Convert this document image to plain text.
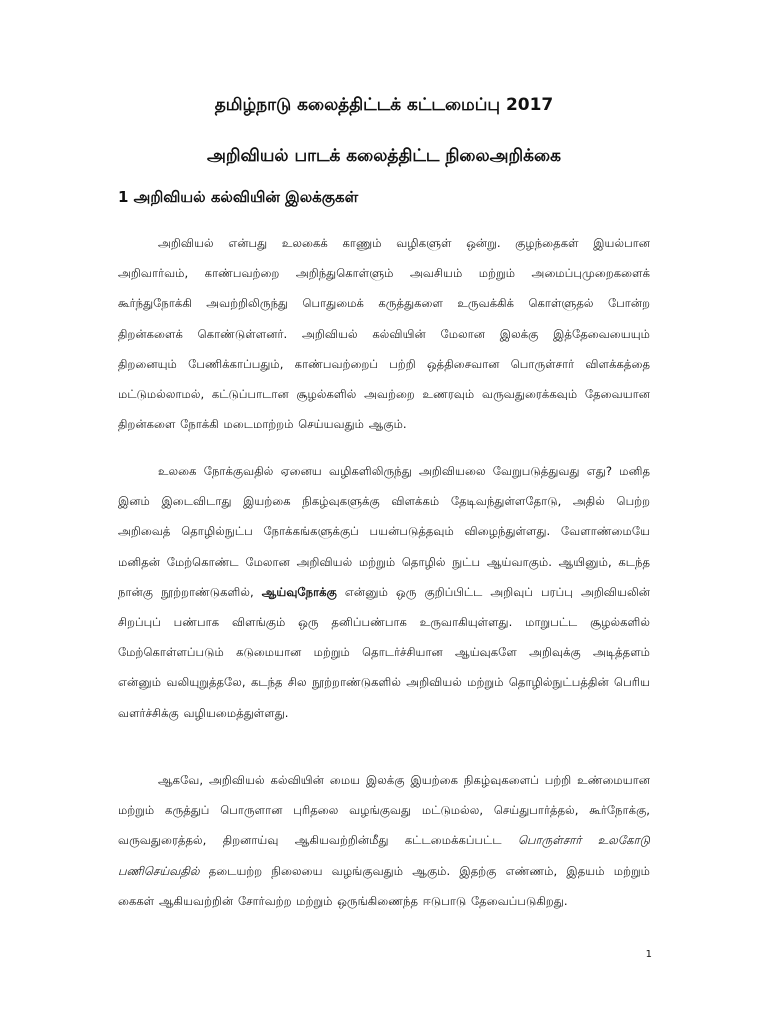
தமிழ்நாடு கலைத்திட்டக் கட்டமைப்பு 2017
அறிவியல் பாடக் கலைத்திட்ட நிலைஅறிக்கை
1 அறிவியல் கல்வியின் இலக்குகள்

அறிவியல் என்பது உலகைக் காணும் வழிகளுள் ஒன்று. குழந்தைகள் இயல்பான அறிவார்வம், காண்பவற்றை அறிந்துகொள்ளும் அவசியம் மற்றும் அமைப்புமுறைகளைக் கூர்ந்துநோக்கி அவற்றிலிருந்து பொதுமைக் கருத்துகளை உருவக்கிக் கொள்ளுதல் போன்ற திறன்களைக் கொண்டுள்ளனர். அறிவியல் கல்வியின் மேலான இலக்கு இத்தேவையையும் திறனையும் பேணிக்காப்பதும், காண்பவற்றைப் பற்றி ஒத்திசைவான பொருள்சார் விளக்கத்தை மட்டுமல்லாமல், கட்டுப்பாடான சூழல்களில் அவற்றை உணரவும் வருவதுரைக்கவும் தேவையான திறன்களை நோக்கி மடைமாற்றம் செய்யவதும் ஆகும்.

உலகை நோக்குவதில் ஏனைய வழிகளிலிருந்து அறிவியலை வேறுபடுத்துவது எது? மனித இனம் இடைவிடாது இயற்கை நிகழ்வுகளுக்கு விளக்கம் தேடிவந்துள்ளதோடு, அதில் பெற்ற அறிவைத் தொழில்நுட்ப நோக்கங்களுக்குப் பயன்படுத்தவும் விழைந்துள்ளது. வேளாண்மையே மனிதன் மேற்கொண்ட மேலான அறிவியல் மற்றும் தொழில் நுட்ப ஆய்வாகும். ஆயினும், கடந்த நான்கு நூற்றாண்டுகளில், ஆய்வுநோக்கு என்னும் ஒரு குறிப்பிட்ட அறிவுப் பரப்பு அறிவியலின் சிறப்புப் பண்பாக விளங்கும் ஒரு தனிப்பண்பாக உருவாகியுள்ளது. மாறுபட்ட சூழல்களில் மேற்கொள்ளப்படும் கடுமையான மற்றும் தொடர்ச்சியான ஆய்வுகளே அறிவுக்கு அடித்தளம் என்னும் வலியுறுத்தலே, கடந்த சில நூற்றாண்டுகளில் அறிவியல் மற்றும் தொழில்நுட்பத்தின் பெரிய வளர்ச்சிக்கு வழியமைத்துள்ளது.

ஆகவே, அறிவியல் கல்வியின் மைய இலக்கு இயற்கை நிகழ்வுகளைப் பற்றி உண்மையான மற்றும் கருத்துப் பொருளான புரிதலை வழங்குவது மட்டுமல்ல, செய்துபார்த்தல், கூர்நோக்கு, வருவதுரைத்தல், திறனாய்வு ஆகியவற்றின்மீது கட்டமைக்கப்பட்ட பொருள்சார் உலகோடு பணிசெய்வதில் தடையற்ற நிலையை வழங்குவதும் ஆகும். இதற்கு எண்ணம், இதயம் மற்றும் கைகள் ஆகியவற்றின் சோர்வற்ற மற்றும் ஒருங்கிணைந்த ஈடுபாடு தேவைப்படுகிறது.

1
